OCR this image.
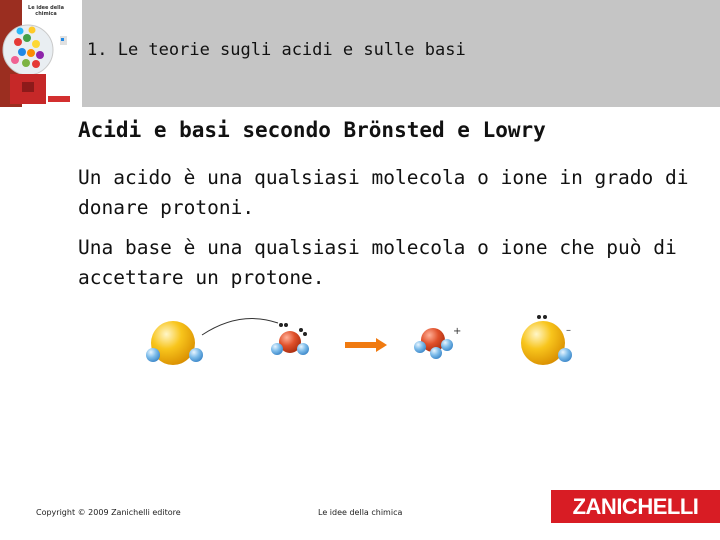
Le idee della chimica
1. Le teorie sugli acidi e sulle basi
Acidi e basi secondo Brönsted e Lowry
Un acido è una qualsiasi molecola o ione in grado di donare protoni.
Una base è una qualsiasi molecola o ione che può di accettare un protone.
+	–
Copyright © 2009 Zanichelli editore	Le idee della chimica	ZANICHELLI
